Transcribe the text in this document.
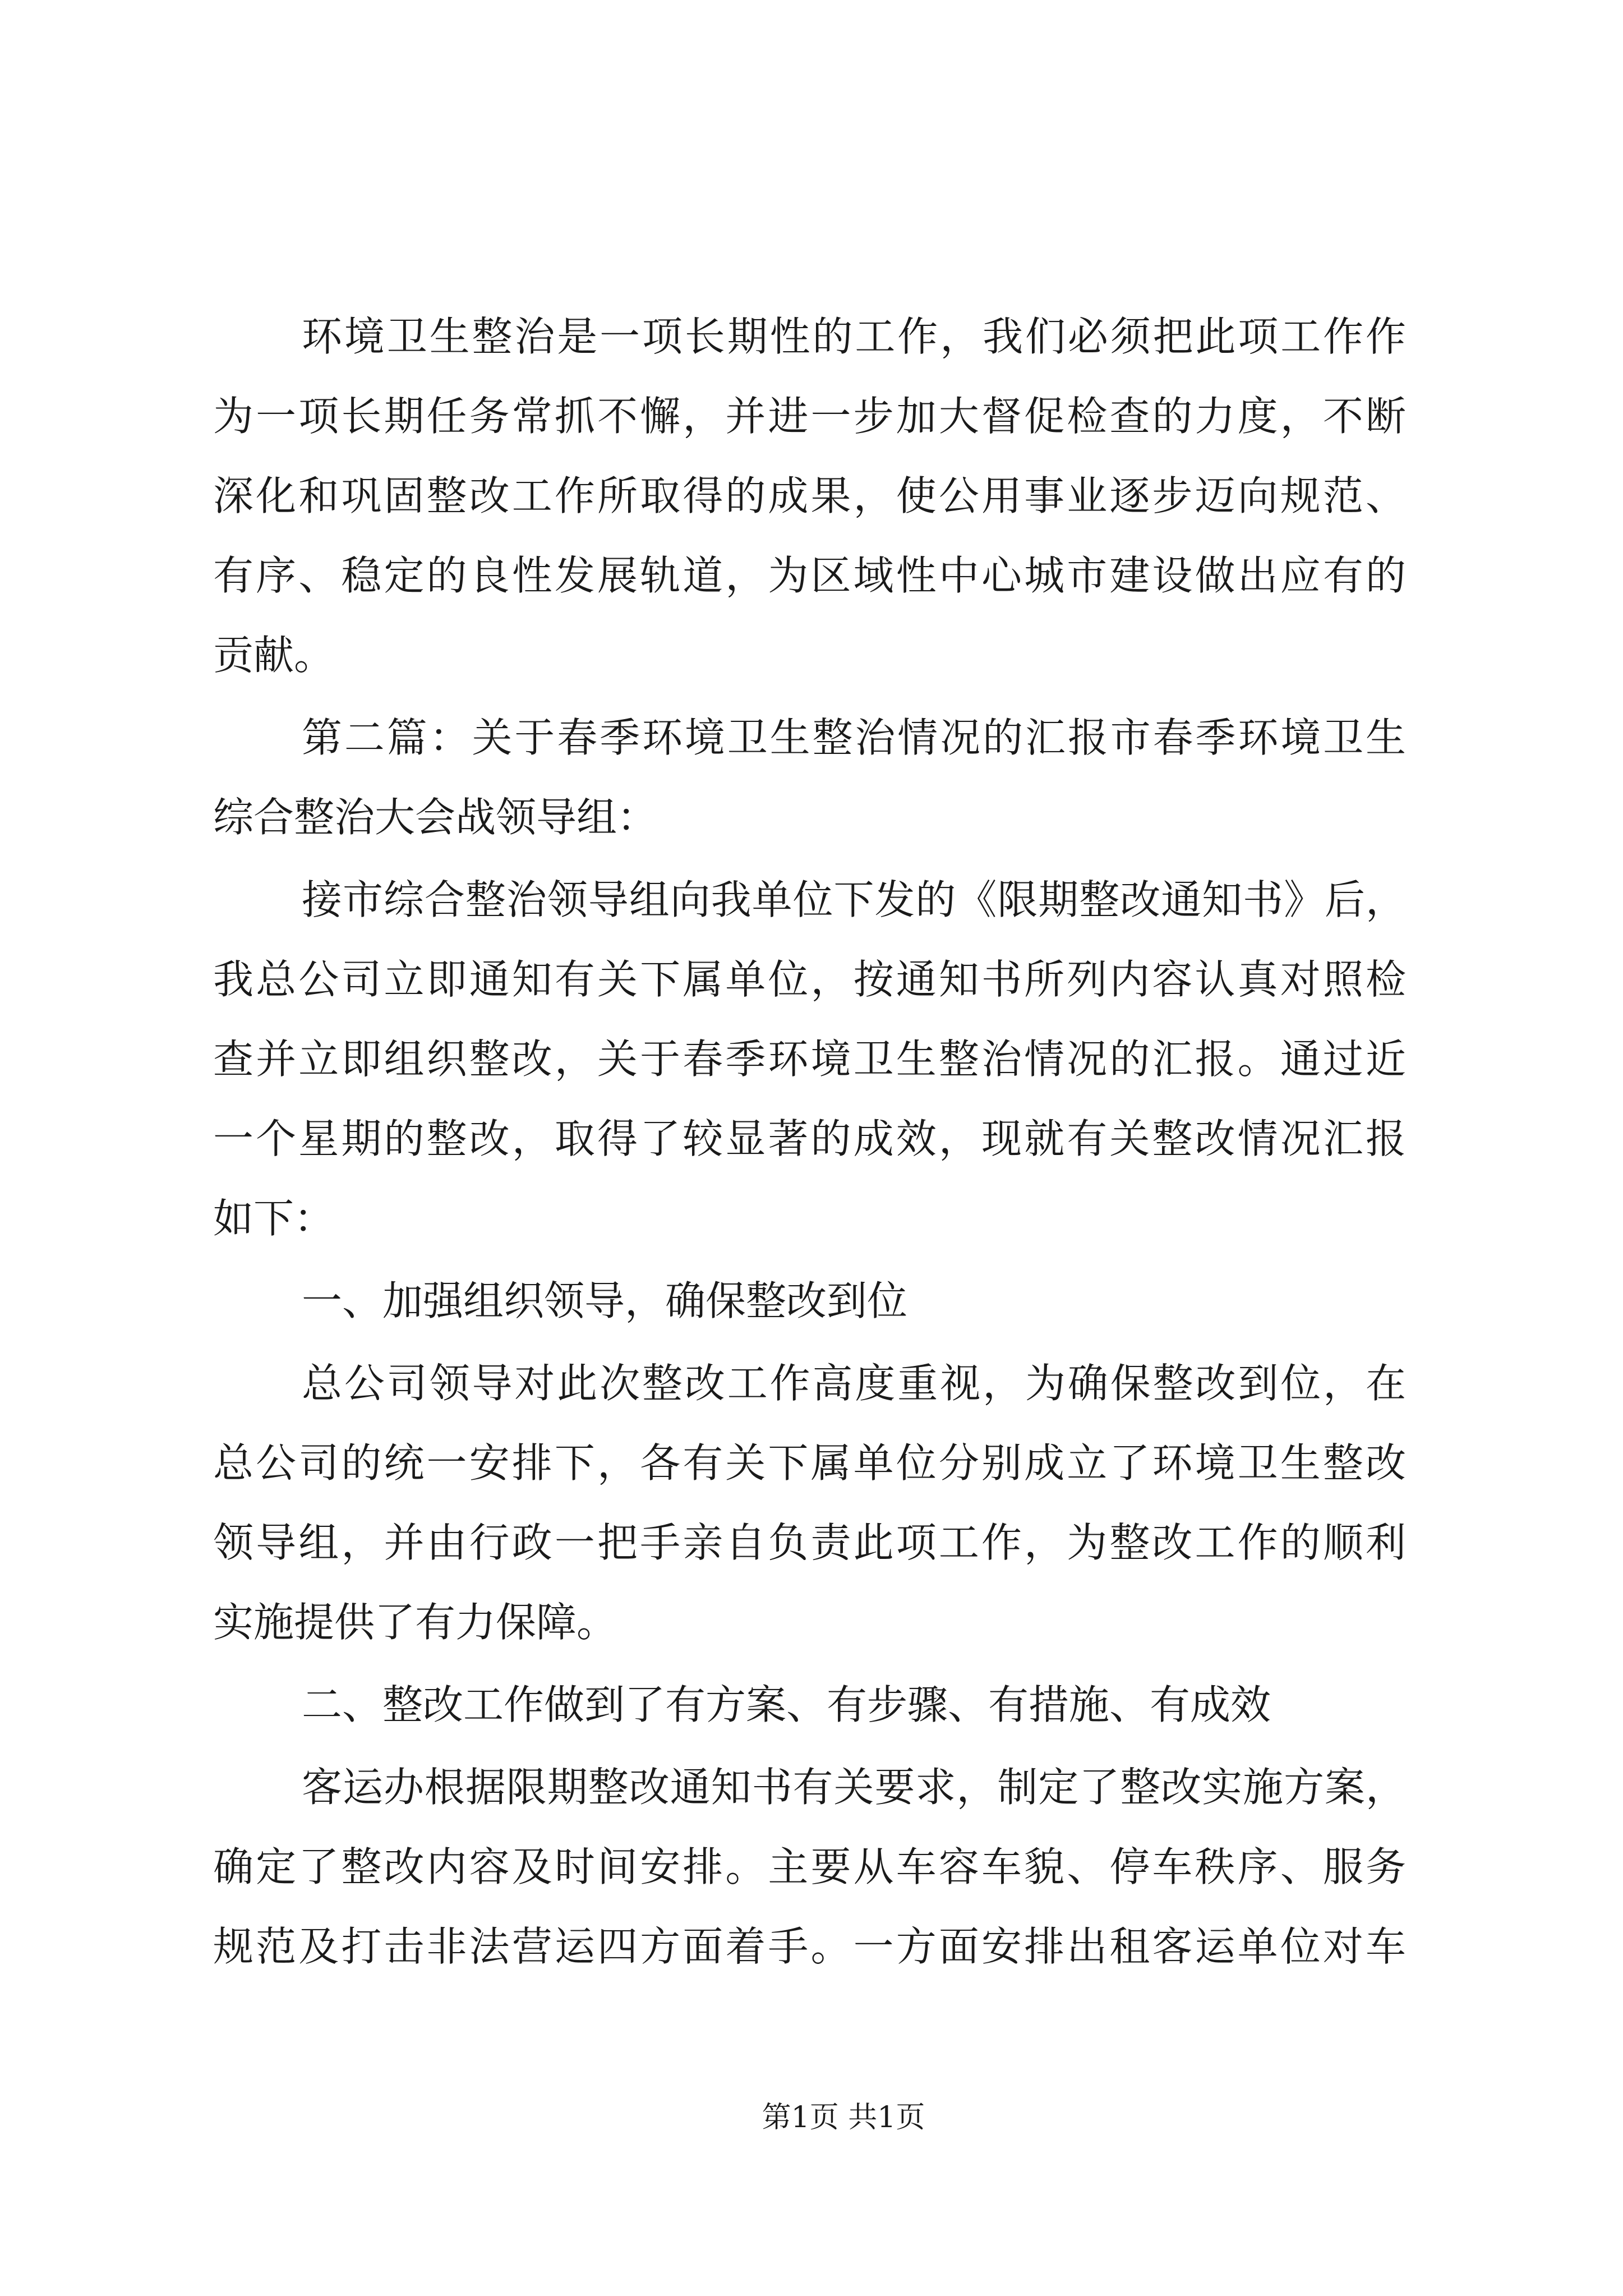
环境卫生整治是一项长期性的工作，我们必须把此项工作作
为一项长期任务常抓不懈，并进一步加大督促检查的力度，不断
深化和巩固整改工作所取得的成果，使公用事业逐步迈向规范、
有序、稳定的良性发展轨道，为区域性中心城市建设做出应有的
贡献。
第二篇：关于春季环境卫生整治情况的汇报市春季环境卫生
综合整治大会战领导组：
接市综合整治领导组向我单位下发的《限期整改通知书》后，
我总公司立即通知有关下属单位，按通知书所列内容认真对照检
查并立即组织整改，关于春季环境卫生整治情况的汇报。通过近
一个星期的整改，取得了较显著的成效，现就有关整改情况汇报
如下：
一、加强组织领导，确保整改到位
总公司领导对此次整改工作高度重视，为确保整改到位，在
总公司的统一安排下，各有关下属单位分别成立了环境卫生整改
领导组，并由行政一把手亲自负责此项工作，为整改工作的顺利
实施提供了有力保障。
二、整改工作做到了有方案、有步骤、有措施、有成效
客运办根据限期整改通知书有关要求，制定了整改实施方案，
确定了整改内容及时间安排。主要从车容车貌、停车秩序、服务
规范及打击非法营运四方面着手。一方面安排出租客运单位对车
第1页 共1页
